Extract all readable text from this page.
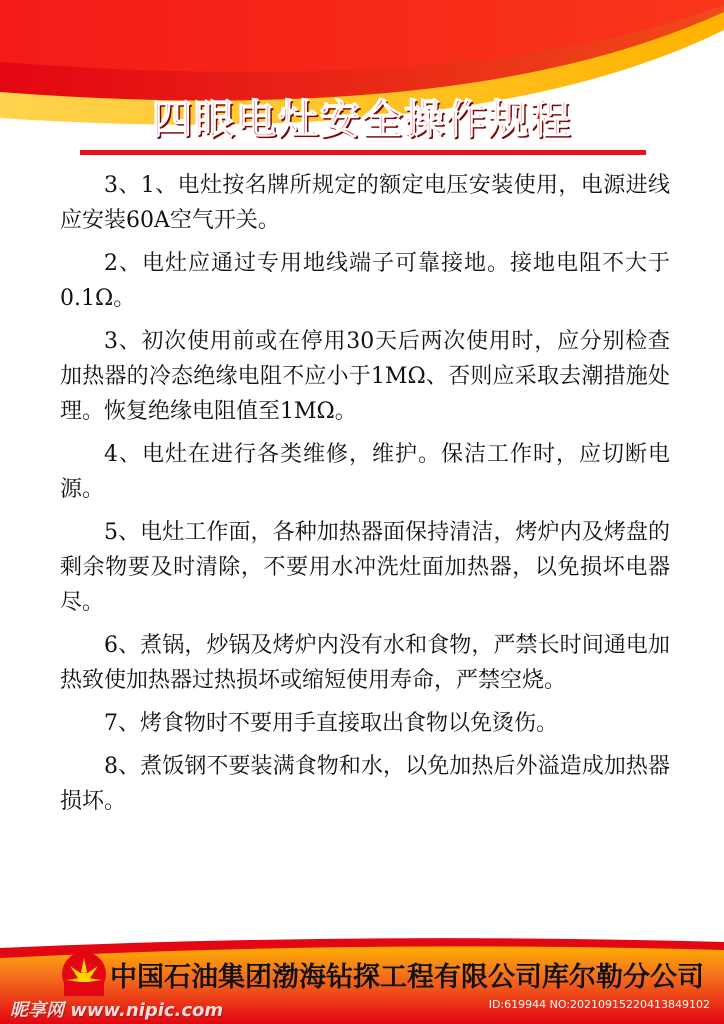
四眼电灶安全操作规程

3、1、电灶按名牌所规定的额定电压安装使用，电源进线应安装60A空气开关。

2、电灶应通过专用地线端子可靠接地。接地电阻不大于0.1Ω。

3、初次使用前或在停用30天后两次使用时，应分别检查加热器的冷态绝缘电阻不应小于1MΩ、否则应采取去潮措施处理。恢复绝缘电阻值至1MΩ。

4、电灶在进行各类维修，维护。保洁工作时，应切断电源。

5、电灶工作面，各种加热器面保持清洁，烤炉内及烤盘的剩余物要及时清除，不要用水冲洗灶面加热器，以免损坏电器尽。

6、煮锅，炒锅及烤炉内没有水和食物，严禁长时间通电加热致使加热器过热损坏或缩短使用寿命，严禁空烧。

7、烤食物时不要用手直接取出食物以免烫伤。

8、煮饭钢不要装满食物和水，以免加热后外溢造成加热器损坏。

中国石油集团渤海钻探工程有限公司库尔勒分公司
昵享网 www.nipic.com	ID:619944 NO:20210915220413849102
